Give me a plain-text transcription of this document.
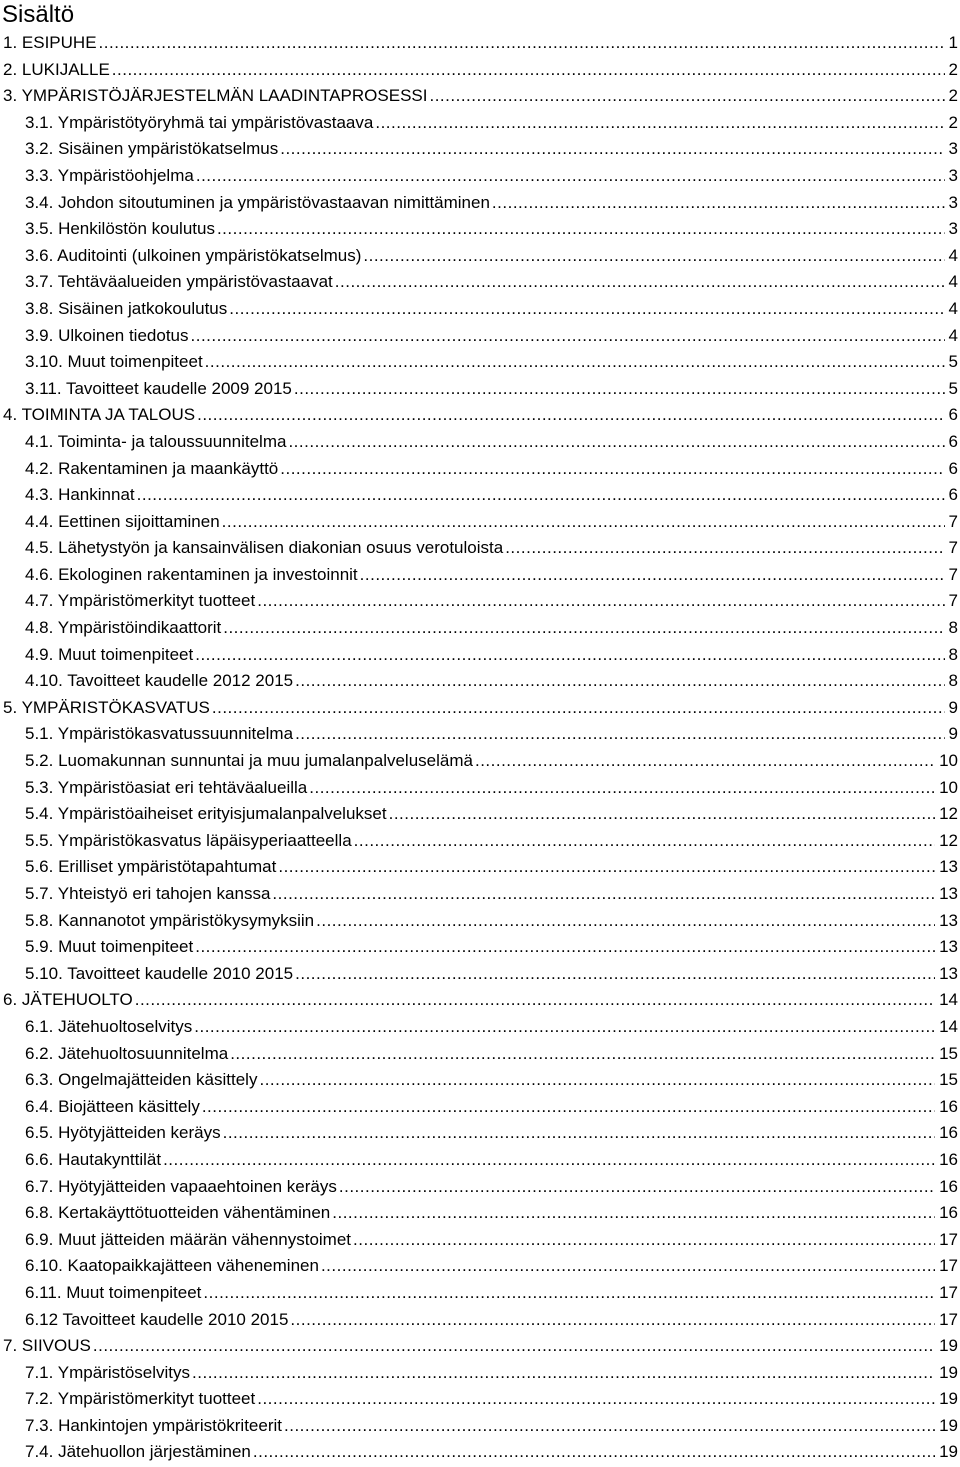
Sisältö
1. ESIPUHE .....	1
2. LUKIJALLE .....	2
3. YMPÄRISTÖJÄRJESTELMÄN LAADINTAPROSESSI .....	2
3.1. Ympäristötyöryhmä tai ympäristövastaava .....	2
3.2. Sisäinen ympäristökatselmus .....	3
3.3. Ympäristöohjelma .....	3
3.4. Johdon sitoutuminen ja ympäristövastaavan nimittäminen .....	3
3.5. Henkilöstön koulutus .....	3
3.6. Auditointi (ulkoinen ympäristökatselmus) .....	4
3.7. Tehtäväalueiden ympäristövastaavat .....	4
3.8. Sisäinen jatkokoulutus .....	4
3.9. Ulkoinen tiedotus .....	4
3.10. Muut toimenpiteet .....	5
3.11. Tavoitteet kaudelle 2009 2015 .....	5
4. TOIMINTA JA TALOUS .....	6
4.1. Toiminta- ja taloussuunnitelma .....	6
4.2. Rakentaminen ja maankäyttö .....	6
4.3. Hankinnat .....	6
4.4. Eettinen sijoittaminen .....	7
4.5. Lähetystyön ja kansainvälisen diakonian osuus verotuloista .....	7
4.6. Ekologinen rakentaminen ja investoinnit .....	7
4.7. Ympäristömerkityt tuotteet .....	7
4.8. Ympäristöindikaattorit .....	8
4.9. Muut toimenpiteet .....	8
4.10. Tavoitteet kaudelle 2012 2015 .....	8
5. YMPÄRISTÖKASVATUS .....	9
5.1. Ympäristökasvatussuunnitelma .....	9
5.2. Luomakunnan sunnuntai ja muu jumalanpalveluselämä .....	10
5.3. Ympäristöasiat eri tehtäväalueilla .....	10
5.4. Ympäristöaiheiset erityisjumalanpalvelukset .....	12
5.5. Ympäristökasvatus läpäisyperiaatteella .....	12
5.6. Erilliset ympäristötapahtumat .....	13
5.7. Yhteistyö eri tahojen kanssa .....	13
5.8. Kannanotot ympäristökysymyksiin .....	13
5.9. Muut toimenpiteet .....	13
5.10. Tavoitteet kaudelle 2010 2015 .....	13
6. JÄTEHUOLTO .....	14
6.1. Jätehuoltoselvitys .....	14
6.2. Jätehuoltosuunnitelma .....	15
6.3. Ongelmajätteiden käsittely .....	15
6.4. Biojätteen käsittely .....	16
6.5. Hyötyjätteiden keräys .....	16
6.6. Hautakynttilät .....	16
6.7. Hyötyjätteiden vapaaehtoinen keräys .....	16
6.8. Kertakäyttötuotteiden vähentäminen .....	16
6.9. Muut jätteiden määrän vähennystoimet .....	17
6.10. Kaatopaikkajätteen väheneminen .....	17
6.11. Muut toimenpiteet .....	17
6.12 Tavoitteet kaudelle 2010 2015 .....	17
7. SIIVOUS .....	19
7.1. Ympäristöselvitys .....	19
7.2. Ympäristömerkityt tuotteet .....	19
7.3. Hankintojen ympäristökriteerit .....	19
7.4. Jätehuollon järjestäminen .....	19
